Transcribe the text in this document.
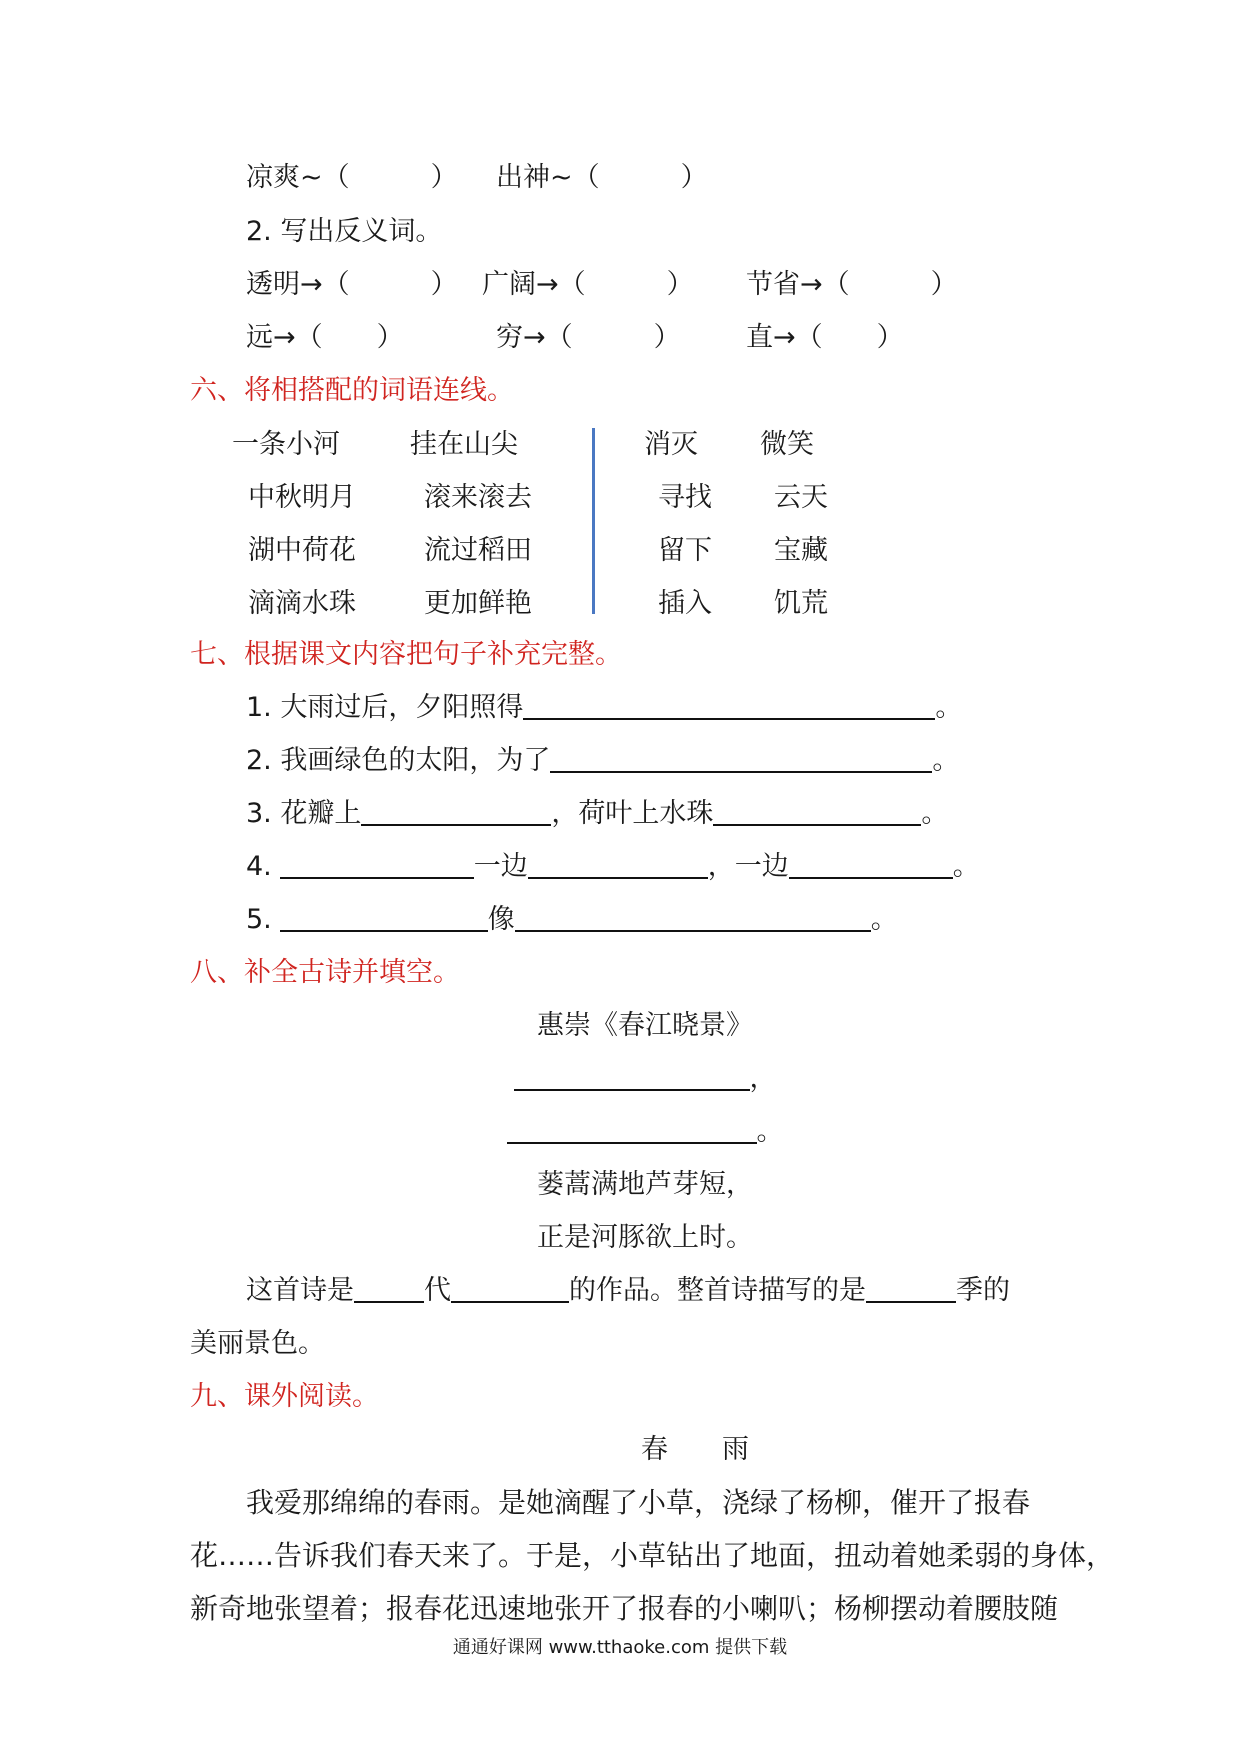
凉爽~（　　　） 出神~（　　　）
2. 写出反义词。
透明→（　　　） 广阔→（　　　） 节省→（　　　）
远→（　　）	穷→（　　　） 直→（　　）
六、将相搭配的词语连线。
一条小河	挂在山尖	消灭 微笑
中秋明月	滚来滚去	寻找 云天
湖中荷花	流过稻田	留下 宝藏
滴滴水珠	更加鲜艳	插入 饥荒
七、根据课文内容把句子补充完整。
1. 大雨过后，夕阳照得	。
2. 我画绿色的太阳，为了	。
3. 花瓣上	，荷叶上水珠	。
4.	一边	，一边	。
5.	像	。
八、补全古诗并填空。
惠崇《春江晓景》
，
。
蒌蒿满地芦芽短，
正是河豚欲上时。
这首诗是	代	的作品。整首诗描写的是	季的
美丽景色。
九、课外阅读。
春　　雨
我爱那绵绵的春雨。是她滴醒了小草，浇绿了杨柳，催开了报春
花……告诉我们春天来了。于是，小草钻出了地面，扭动着她柔弱的身体，
新奇地张望着；报春花迅速地张开了报春的小喇叭；杨柳摆动着腰肢随
通通好课网 www.tthaoke.com 提供下载
